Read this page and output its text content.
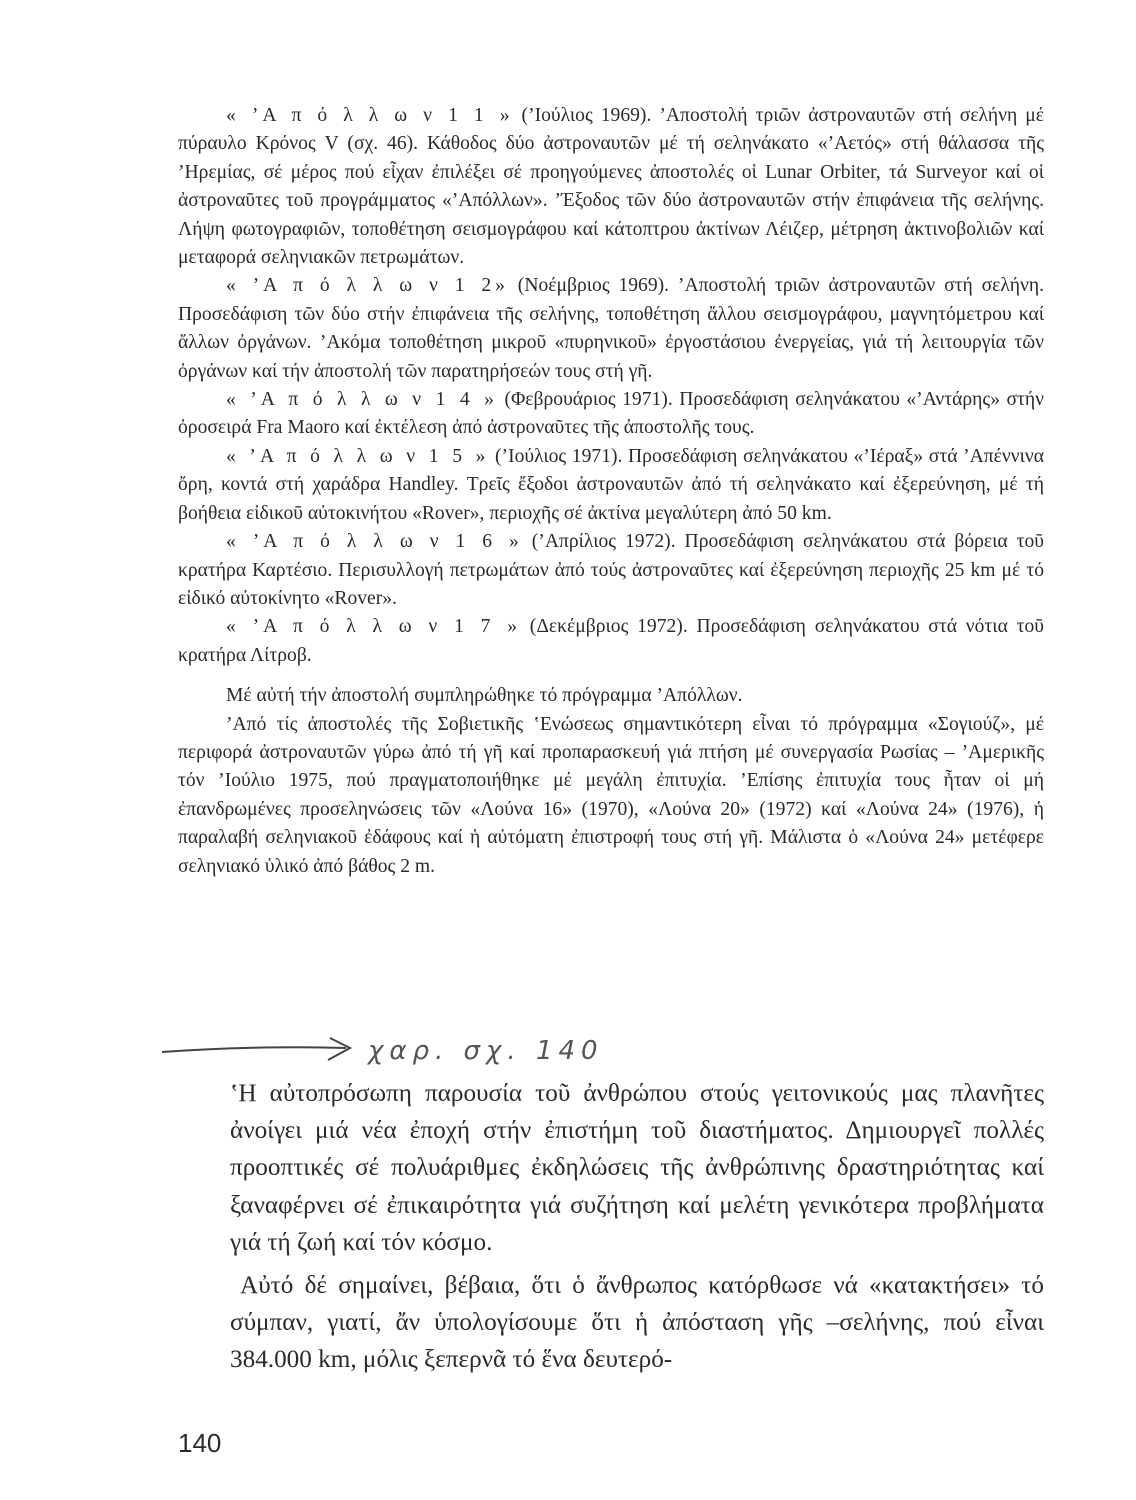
« ’Α π ό λ λ ω ν 1 1 » (’Ιούλιος 1969). ’Αποστολή τριῶν ἀστροναυτῶν στή σελήνη μέ πύραυλο Κρόνος V (σχ. 46). Κάθοδος δύο ἀστροναυτῶν μέ τή σεληνάκατο «’Αετός» στή θάλασσα τῆς ’Ηρεμίας, σέ μέρος πού εἶχαν ἐπιλέξει σέ προηγούμενες ἀποστολές οἱ Lunar Orbiter, τά Surveyor καί οἱ ἀστροναῦτες τοῦ προγράμματος «’Απόλλων». ’Έξοδος τῶν δύο ἀστροναυτῶν στήν ἐπιφάνεια τῆς σελήνης. Λήψη φωτογραφιῶν, τοποθέτηση σεισμογράφου καί κάτοπτρου ἀκτίνων Λέιζερ, μέτρηση ἀκτινοβολιῶν καί μεταφορά σεληνιακῶν πετρωμάτων.

« ’Α π ό λ λ ω ν 1 2» (Νοέμβριος 1969). ’Αποστολή τριῶν ἀστροναυτῶν στή σελήνη. Προσεδάφιση τῶν δύο στήν ἐπιφάνεια τῆς σελήνης, τοποθέτηση ἄλλου σεισμογράφου, μαγνητόμετρου καί ἄλλων ὀργάνων. ’Ακόμα τοποθέτηση μικροῦ «πυρηνικοῦ» ἐργοστάσιου ἐνεργείας, γιά τή λειτουργία τῶν ὀργάνων καί τήν ἀποστολή τῶν παρατηρήσεών τους στή γῆ.

« ’Α π ό λ λ ω ν 1 4 » (Φεβρουάριος 1971). Προσεδάφιση σεληνάκατου «’Αντάρης» στήν ὀροσειρά Fra Maoro καί ἐκτέλεση ἀπό ἀστροναῦτες τῆς ἀποστολῆς τους.

« ’Α π ό λ λ ω ν 1 5 » (’Ιούλιος 1971). Προσεδάφιση σεληνάκατου «’Ιέραξ» στά ’Απέννινα ὄρη, κοντά στή χαράδρα Handley. Τρεῖς ἔξοδοι ἀστροναυτῶν ἀπό τή σεληνάκατο καί ἐξερεύνηση, μέ τή βοήθεια εἰδικοῦ αὐτοκινήτου «Rover», περιοχῆς σέ ἀκτίνα μεγαλύτερη ἀπό 50 km.

« ’Α π ό λ λ ω ν 1 6 » (’Απρίλιος 1972). Προσεδάφιση σεληνάκατου στά βόρεια τοῦ κρατήρα Καρτέσιο. Περισυλλογή πετρωμάτων ἀπό τούς ἀστροναῦτες καί ἐξερεύνηση περιοχῆς 25 km μέ τό εἰδικό αὐτοκίνητο «Rover».

« ’Α π ό λ λ ω ν 1 7 » (Δεκέμβριος 1972). Προσεδάφιση σεληνάκατου στά νότια τοῦ κρατήρα Λίτροβ.

Μέ αὐτή τήν ἀποστολή συμπληρώθηκε τό πρόγραμμα ’Απόλλων.

’Από τίς ἀποστολές τῆς Σοβιετικῆς ‛Ενώσεως σημαντικότερη εἶναι τό πρόγραμμα «Σογιούζ», μέ περιφορά ἀστροναυτῶν γύρω ἀπό τή γῆ καί προπαρασκευή γιά πτήση μέ συνεργασία Ρωσίας – ’Αμερικῆς τόν ’Ιούλιο 1975, πού πραγματοποιήθηκε μέ μεγάλη ἐπιτυχία. ’Επίσης ἐπιτυχία τους ἦταν οἱ μή ἐπανδρωμένες προσεληνώσεις τῶν «Λούνα 16» (1970), «Λούνα 20» (1972) καί «Λούνα 24» (1976), ἡ παραλαβή σεληνιακοῦ ἐδάφους καί ἡ αὐτόματη ἐπιστροφή τους στή γῆ. Μάλιστα ὁ «Λούνα 24» μετέφερε σεληνιακό ὑλικό ἀπό βάθος 2 m.

χαρ. σχ. 140

‛Η αὐτοπρόσωπη παρουσία τοῦ ἀνθρώπου στούς γειτονικούς μας πλανῆτες ἀνοίγει μιά νέα ἐποχή στήν ἐπιστήμη τοῦ διαστήματος. Δημιουργεῖ πολλές προοπτικές σέ πολυάριθμες ἐκδηλώσεις τῆς ἀνθρώπινης δραστηριότητας καί ξαναφέρνει σέ ἐπικαιρότητα γιά συζήτηση καί μελέτη γενικότερα προβλήματα γιά τή ζωή καί τόν κόσμο.

Αὐτό δέ σημαίνει, βέβαια, ὅτι ὁ ἄνθρωπος κατόρθωσε νά «κατακτήσει» τό σύμπαν, γιατί, ἄν ὑπολογίσουμε ὅτι ἡ ἀπόσταση γῆς –σελήνης, πού εἶναι 384.000 km, μόλις ξεπερνᾶ τό ἕνα δευτερό-

140
